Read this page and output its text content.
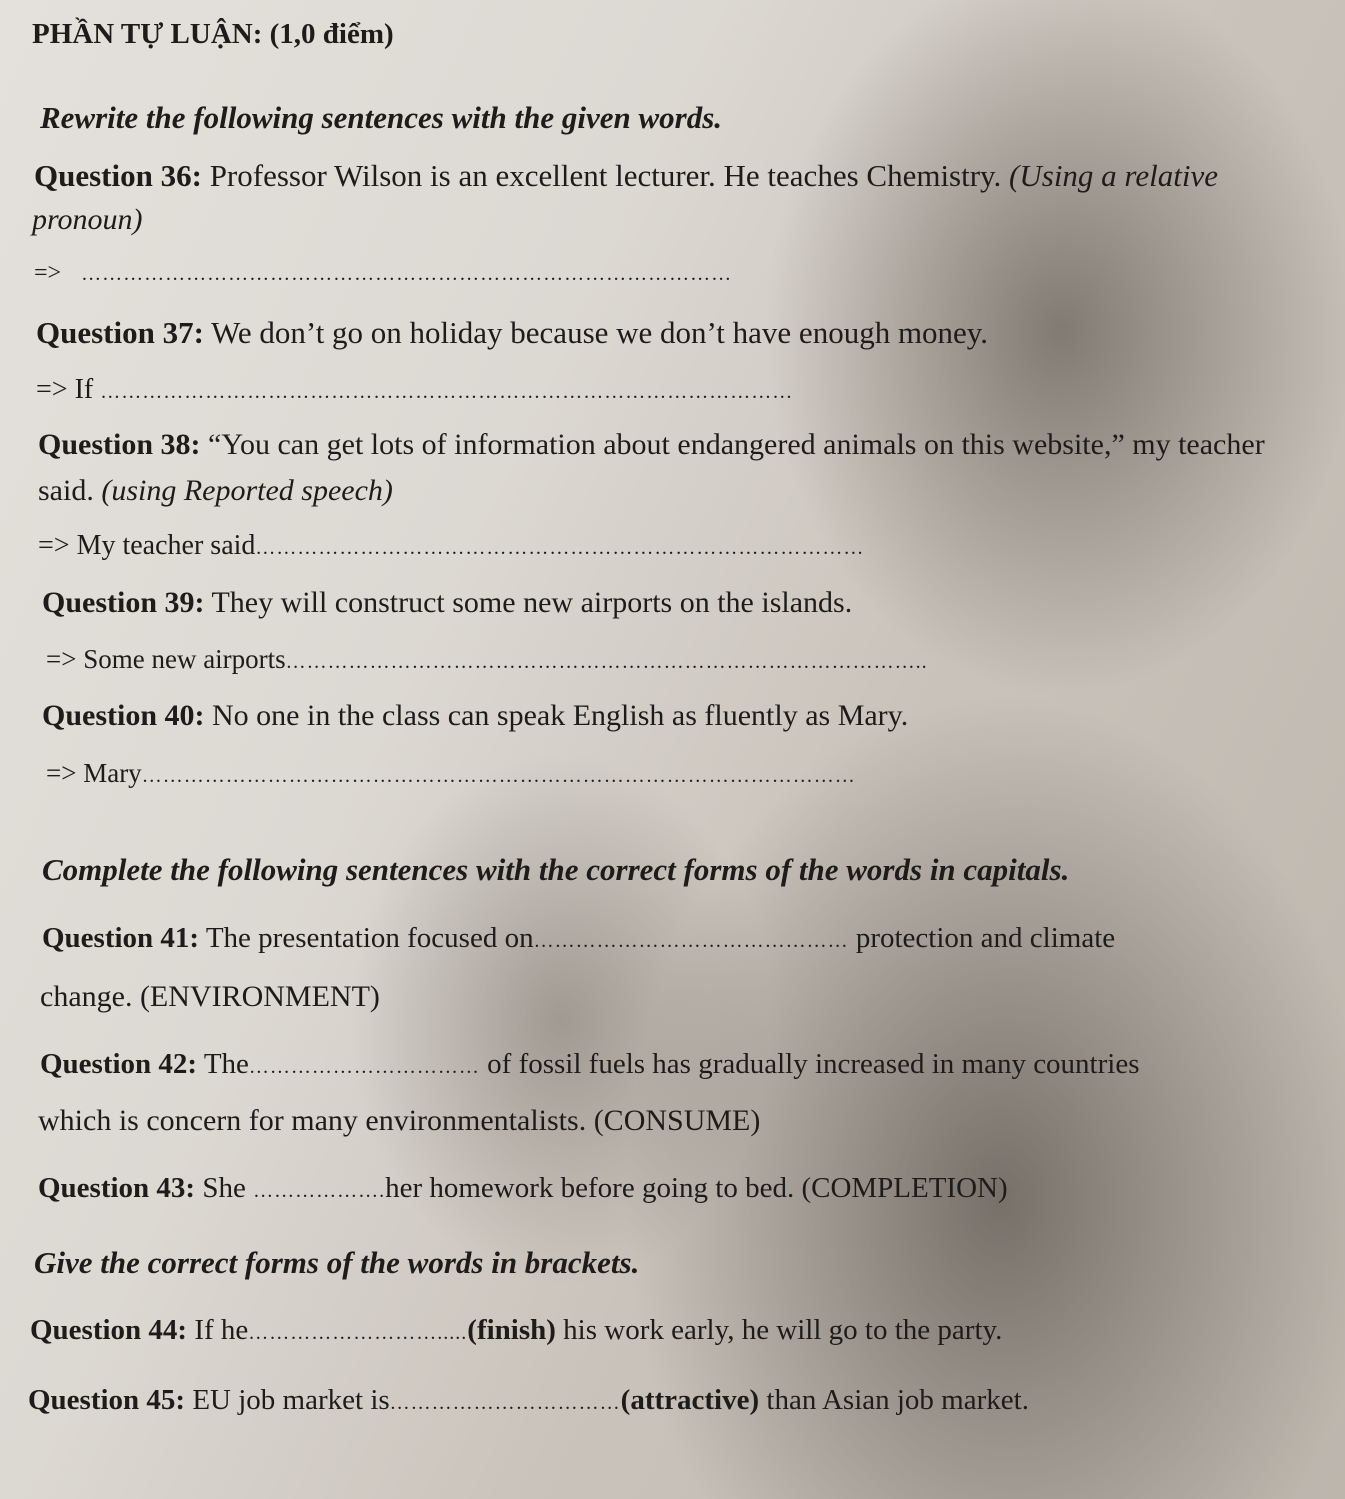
PHẦN TỰ LUẬN: (1,0 điểm)
Rewrite the following sentences with the given words.
Question 36: Professor Wilson is an excellent lecturer. He teaches Chemistry. (Using a relative
pronoun)
=> …………………………………………………………………………………
Question 37: We don’t go on holiday because we don’t have enough money.
=> If ………………………………………………………………………………………
Question 38: “You can get lots of information about endangered animals on this website,” my teacher
said. (using Reported speech)
=> My teacher said……………………………………………………………………………
Question 39: They will construct some new airports on the islands.
=> Some new airports………………………………………………………………………………..
Question 40: No one in the class can speak English as fluently as Mary.
=> Mary…………………………………………………………………………………………
Complete the following sentences with the correct forms of the words in capitals.
Question 41: The presentation focused on……………………………………… protection and climate
change. (ENVIRONMENT)
Question 42: The…………………………… of fossil fuels has gradually increased in many countries
which is concern for many environmentalists. (CONSUME)
Question 43: She ……………….her homework before going to bed. (COMPLETION)
Give the correct forms of the words in brackets.
Question 44: If he……………………….....(finish) his work early, he will go to the party.
Question 45: EU job market is……………………………(attractive) than Asian job market.
